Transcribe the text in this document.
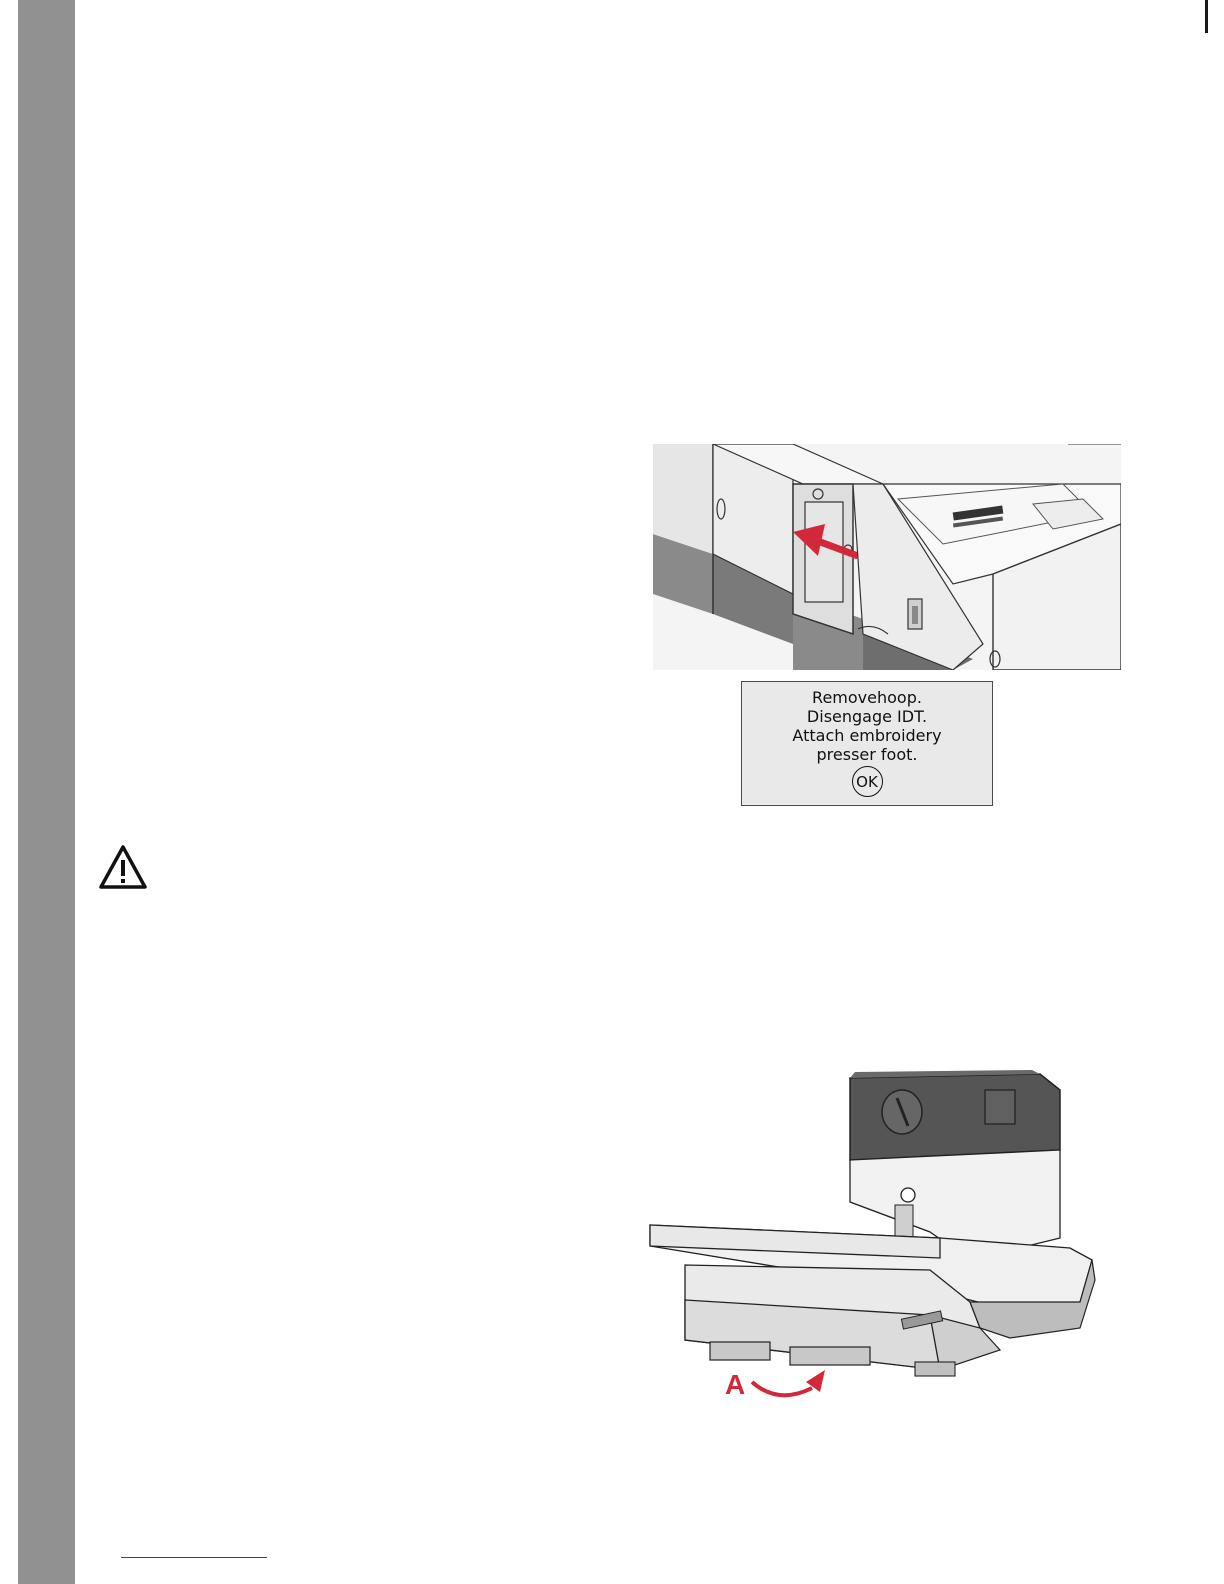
Removehoop.
Disengage IDT.
Attach embroidery
presser foot.
OK
A
